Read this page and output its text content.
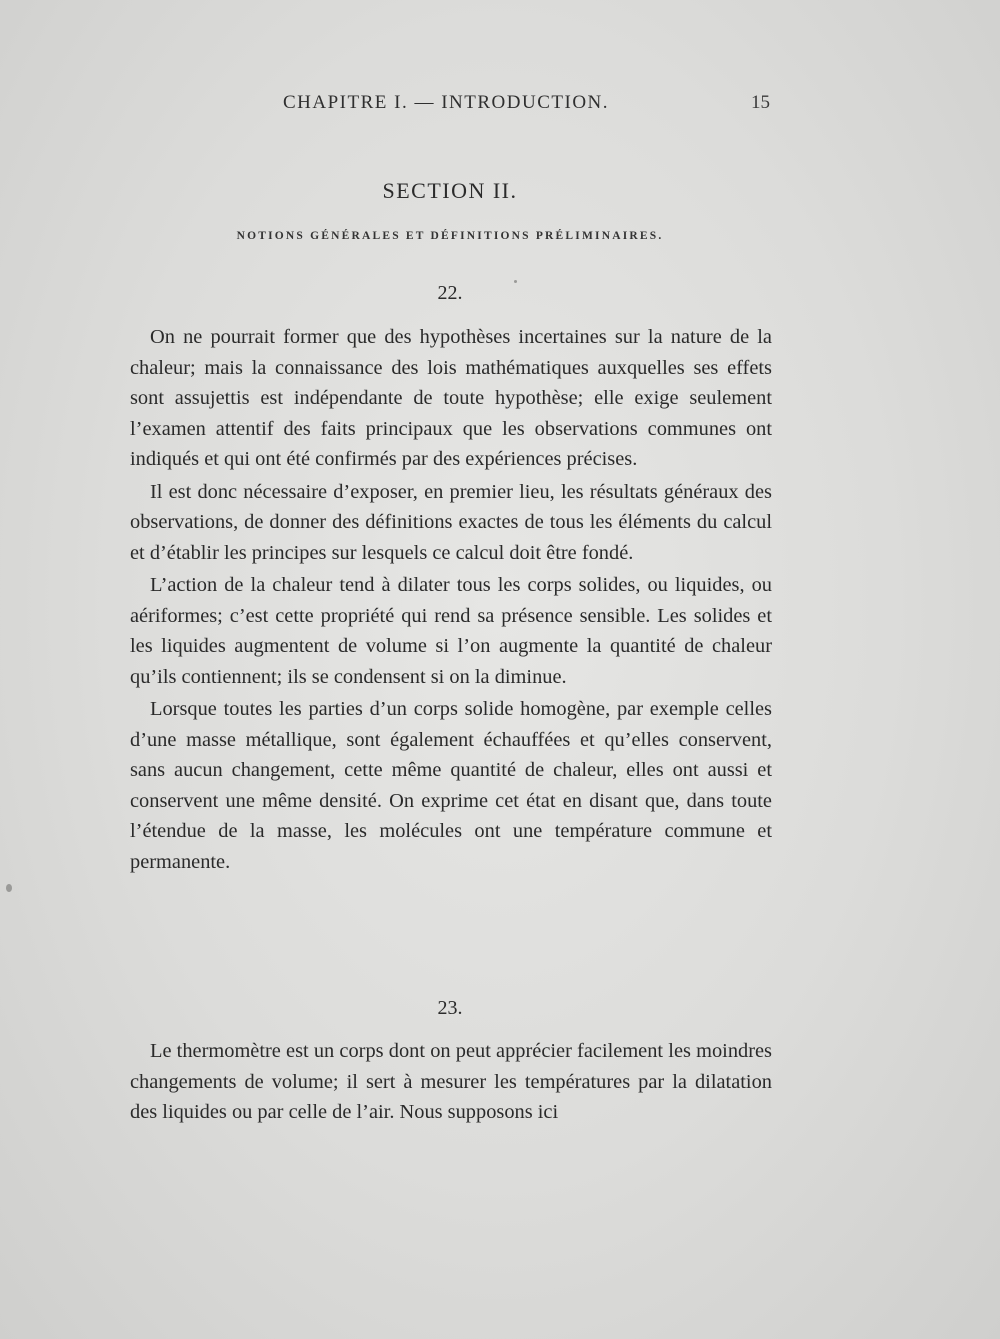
CHAPITRE I. — INTRODUCTION.	15
SECTION II.
NOTIONS GÉNÉRALES ET DÉFINITIONS PRÉLIMINAIRES.
22.

On ne pourrait former que des hypothèses incertaines sur la nature de la chaleur; mais la connaissance des lois mathématiques auxquelles ses effets sont assujettis est indépendante de toute hypothèse; elle exige seulement l’examen attentif des faits principaux que les observations communes ont indiqués et qui ont été confirmés par des expériences précises.

Il est donc nécessaire d’exposer, en premier lieu, les résultats généraux des observations, de donner des définitions exactes de tous les éléments du calcul et d’établir les principes sur lesquels ce calcul doit être fondé.

L’action de la chaleur tend à dilater tous les corps solides, ou liquides, ou aériformes; c’est cette propriété qui rend sa présence sensible. Les solides et les liquides augmentent de volume si l’on augmente la quantité de chaleur qu’ils contiennent; ils se condensent si on la diminue.

Lorsque toutes les parties d’un corps solide homogène, par exemple celles d’une masse métallique, sont également échauffées et qu’elles conservent, sans aucun changement, cette même quantité de chaleur, elles ont aussi et conservent une même densité. On exprime cet état en disant que, dans toute l’étendue de la masse, les molécules ont une température commune et permanente.

23.

Le thermomètre est un corps dont on peut apprécier facilement les moindres changements de volume; il sert à mesurer les températures par la dilatation des liquides ou par celle de l’air. Nous supposons ici
